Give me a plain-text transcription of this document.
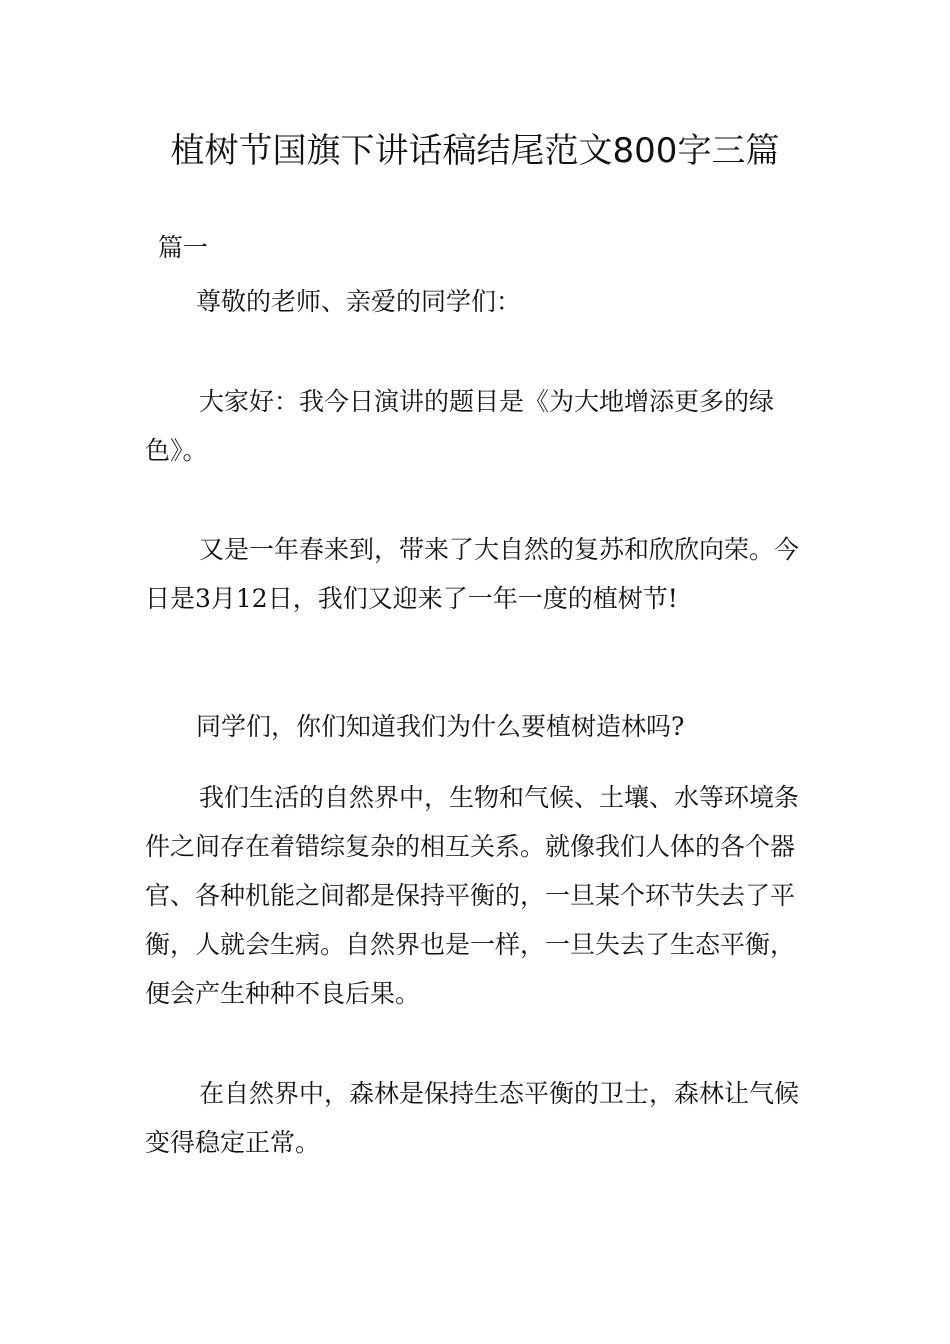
植树节国旗下讲话稿结尾范文800字三篇

篇一

尊敬的老师、亲爱的同学们：

大家好：我今日演讲的题目是《为大地增添更多的绿色》。

又是一年春来到，带来了大自然的复苏和欣欣向荣。今日是3月12日，我们又迎来了一年一度的植树节!

同学们，你们知道我们为什么要植树造林吗?

我们生活的自然界中，生物和气候、土壤、水等环境条件之间存在着错综复杂的相互关系。就像我们人体的各个器官、各种机能之间都是保持平衡的，一旦某个环节失去了平衡，人就会生病。自然界也是一样，一旦失去了生态平衡，便会产生种种不良后果。

在自然界中，森林是保持生态平衡的卫士，森林让气候变得稳定正常。
